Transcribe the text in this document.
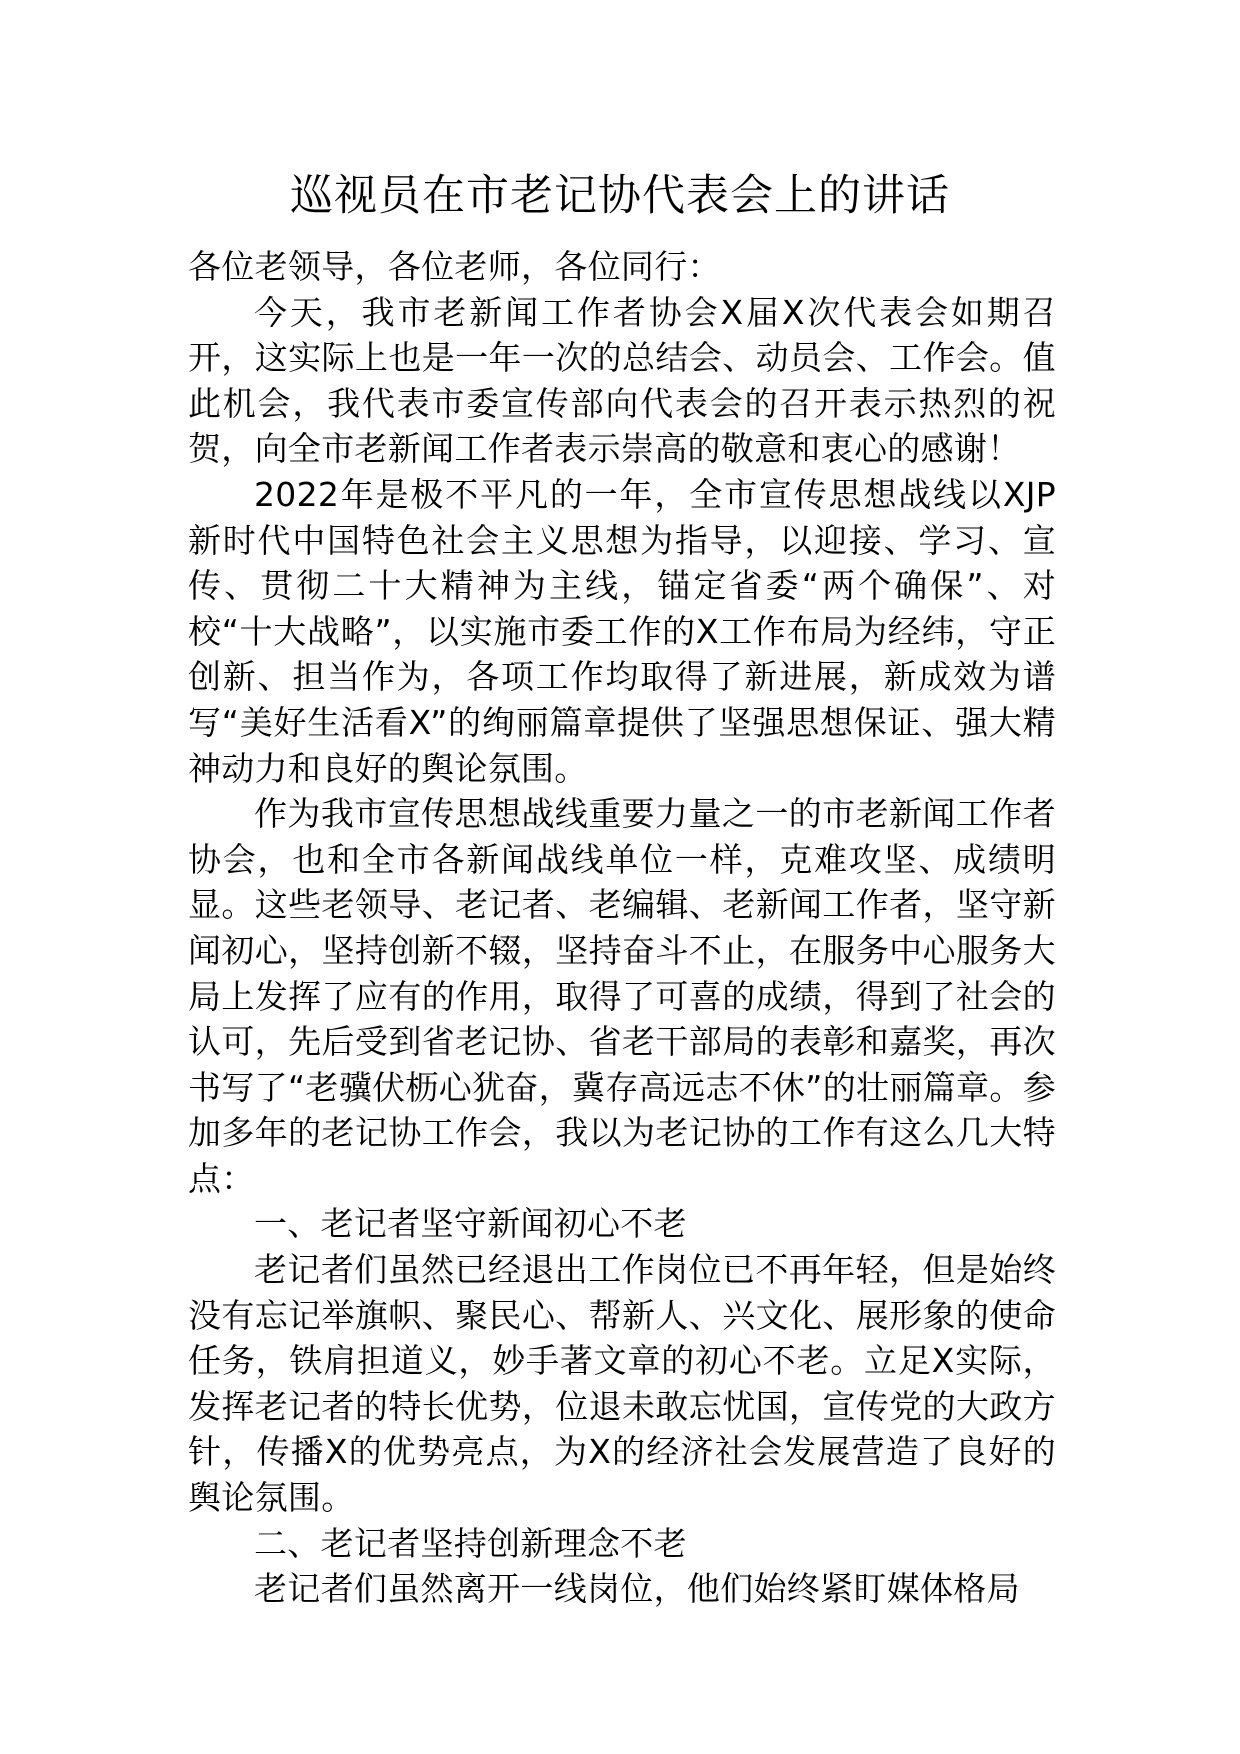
巡视员在市老记协代表会上的讲话

各位老领导，各位老师，各位同行：

今天，我市老新闻工作者协会X届X次代表会如期召开，这实际上也是一年一次的总结会、动员会、工作会。值此机会，我代表市委宣传部向代表会的召开表示热烈的祝贺，向全市老新闻工作者表示崇高的敬意和衷心的感谢！

2022年是极不平凡的一年，全市宣传思想战线以XJP新时代中国特色社会主义思想为指导，以迎接、学习、宣传、贯彻二十大精神为主线，锚定省委“两个确保”、对校“十大战略”，以实施市委工作的X工作布局为经纬，守正创新、担当作为，各项工作均取得了新进展，新成效为谱写“美好生活看X”的绚丽篇章提供了坚强思想保证、强大精神动力和良好的舆论氛围。

作为我市宣传思想战线重要力量之一的市老新闻工作者协会，也和全市各新闻战线单位一样，克难攻坚、成绩明显。这些老领导、老记者、老编辑、老新闻工作者，坚守新闻初心，坚持创新不辍，坚持奋斗不止，在服务中心服务大局上发挥了应有的作用，取得了可喜的成绩，得到了社会的认可，先后受到省老记协、省老干部局的表彰和嘉奖，再次书写了“老骥伏枥心犹奋，冀存高远志不休”的壮丽篇章。参加多年的老记协工作会，我以为老记协的工作有这么几大特点：

一、老记者坚守新闻初心不老

老记者们虽然已经退出工作岗位已不再年轻，但是始终没有忘记举旗帜、聚民心、帮新人、兴文化、展形象的使命任务，铁肩担道义，妙手著文章的初心不老。立足X实际，发挥老记者的特长优势，位退未敢忘忧国，宣传党的大政方针，传播X的优势亮点，为X的经济社会发展营造了良好的舆论氛围。

二、老记者坚持创新理念不老

老记者们虽然离开一线岗位，他们始终紧盯媒体格局
